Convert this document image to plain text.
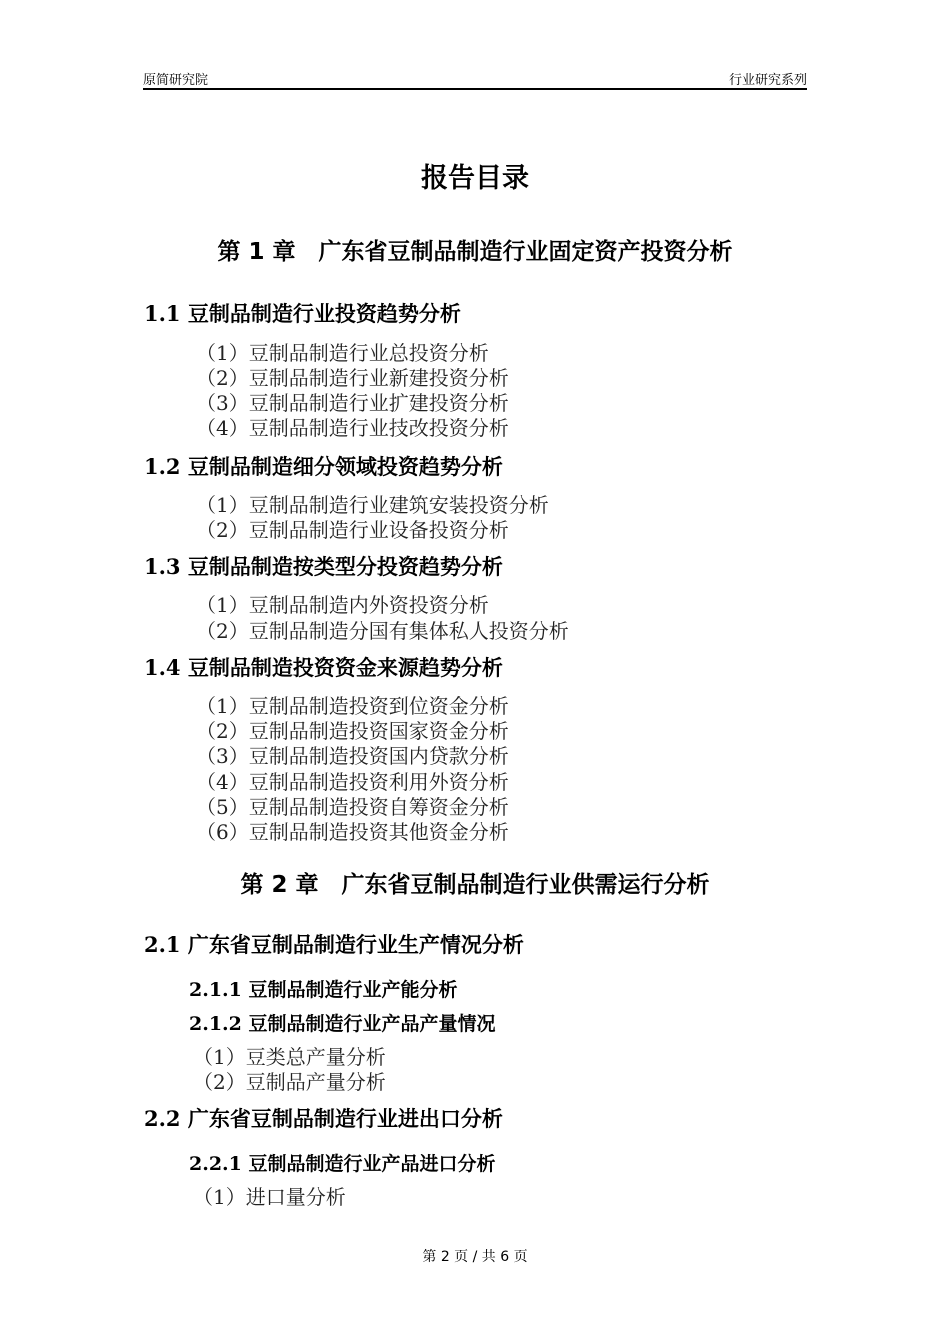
原简研究院	行业研究系列
报告目录
第 1 章　广东省豆制品制造行业固定资产投资分析
1.1 豆制品制造行业投资趋势分析
（1）豆制品制造行业总投资分析
（2）豆制品制造行业新建投资分析
（3）豆制品制造行业扩建投资分析
（4）豆制品制造行业技改投资分析
1.2 豆制品制造细分领域投资趋势分析
（1）豆制品制造行业建筑安装投资分析
（2）豆制品制造行业设备投资分析
1.3 豆制品制造按类型分投资趋势分析
（1）豆制品制造内外资投资分析
（2）豆制品制造分国有集体私人投资分析
1.4 豆制品制造投资资金来源趋势分析
（1）豆制品制造投资到位资金分析
（2）豆制品制造投资国家资金分析
（3）豆制品制造投资国内贷款分析
（4）豆制品制造投资利用外资分析
（5）豆制品制造投资自筹资金分析
（6）豆制品制造投资其他资金分析
第 2 章　广东省豆制品制造行业供需运行分析
2.1 广东省豆制品制造行业生产情况分析
2.1.1 豆制品制造行业产能分析
2.1.2 豆制品制造行业产品产量情况
（1）豆类总产量分析
（2）豆制品产量分析
2.2 广东省豆制品制造行业进出口分析
2.2.1 豆制品制造行业产品进口分析
（1）进口量分析
第 2 页 / 共 6 页
